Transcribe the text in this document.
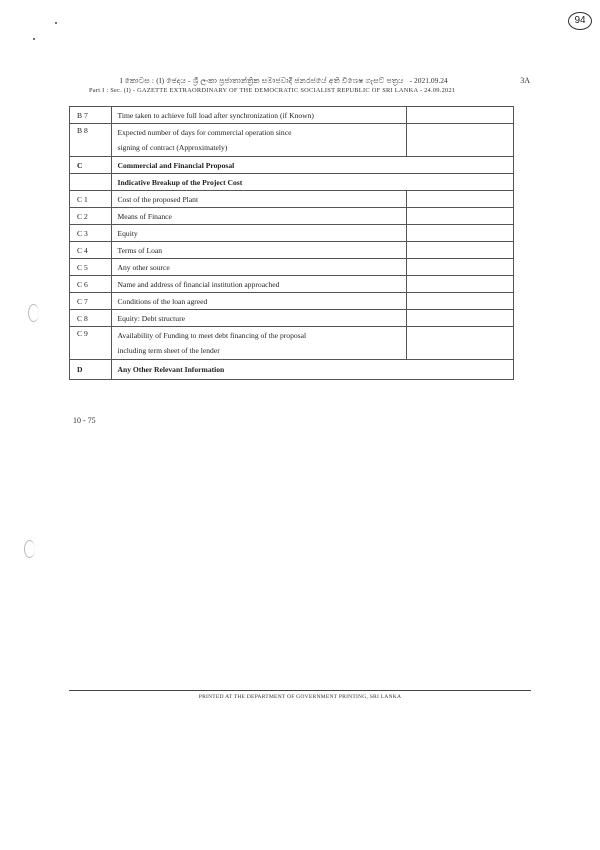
94
I කොටස : (I) ඡෙදය - ශ්‍රී ලංකා ප්‍රජාතාන්ත්‍රික සමාජවාදී ජනරජයේ අති විශෙෂ ගැසට් පත්‍රය - 2021.09.24	3A
Part I : Sec. (I) - GAZETTE EXTRAORDINARY OF THE DEMOCRATIC SOCIALIST REPUBLIC OF SRI LANKA - 24.09.2021
B 7	Time taken to achieve full load after synchronization (if Known)	
B 8	Expected number of days for commercial operation since
signing of contract (Approximately)	
C	Commercial and Financial Proposal	
	Indicative Breakup of the Project Cost	
C 1	Cost of the proposed Plant	
C 2	Means of Finance	
C 3	Equity	
C 4	Terms of Loan	
C 5	Any other source	
C 6	Name and address of financial institution approached	
C 7	Conditions of the loan agreed	
C 8	Equity: Debt structure	
C 9	Availability of Funding to meet debt financing of the proposal
including term sheet of the lender	
D	Any Other Relevant Information	
10 - 75
PRINTED AT THE DEPARTMENT OF GOVERNMENT PRINTING, SRI LANKA
